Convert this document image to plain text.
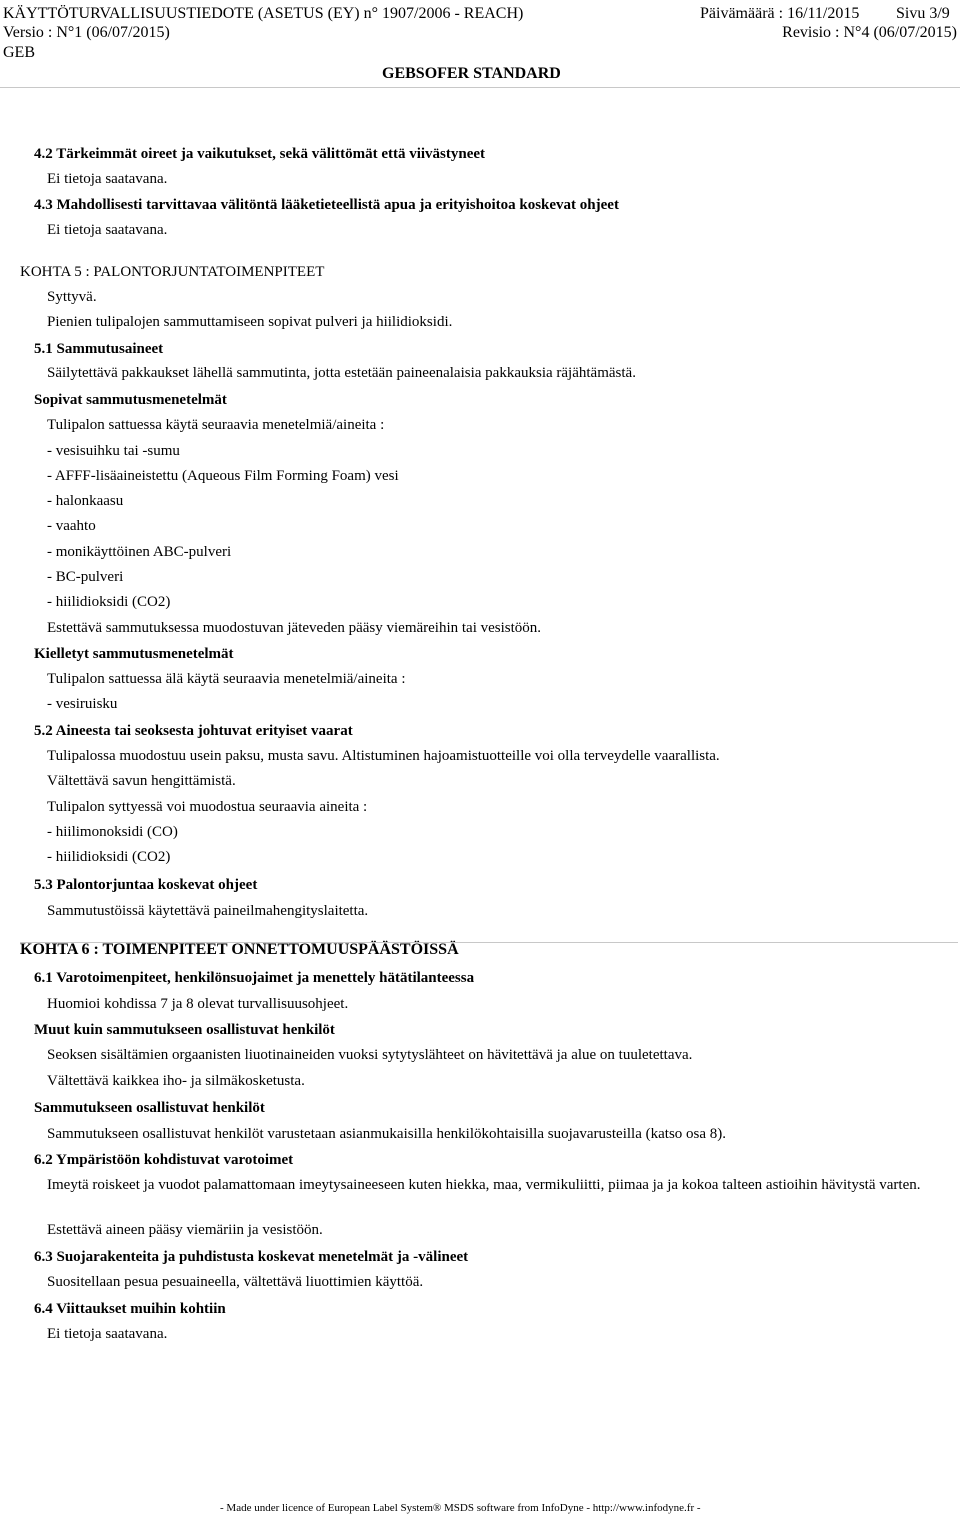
KÄYTTÖTURVALLISUUSTIEDOTE (ASETUS (EY) n° 1907/2006 - REACH)	Päivämäärä : 16/11/2015 Sivu 3/9
Versio : N°1 (06/07/2015)	Revisio : N°4 (06/07/2015)
GEB
GEBSOFER STANDARD
4.2 Tärkeimmät oireet ja vaikutukset, sekä välittömät että viivästyneet
Ei tietoja saatavana.
4.3 Mahdollisesti tarvittavaa välitöntä lääketieteellistä apua ja erityishoitoa koskevat ohjeet
Ei tietoja saatavana.
KOHTA 5 : PALONTORJUNTATOIMENPITEET
Syttyvä.
Pienien tulipalojen sammuttamiseen sopivat pulveri ja hiilidioksidi.
5.1 Sammutusaineet
Säilytettävä pakkaukset lähellä sammutinta, jotta estetään paineenalaisia pakkauksia räjähtämästä.
Sopivat sammutusmenetelmät
Tulipalon sattuessa käytä seuraavia menetelmiä/aineita :
- vesisuihku tai -sumu
- AFFF-lisäaineistettu (Aqueous Film Forming Foam) vesi
- halonkaasu
- vaahto
- monikäyttöinen ABC-pulveri
- BC-pulveri
- hiilidioksidi (CO2)
Estettävä sammutuksessa muodostuvan jäteveden pääsy viemäreihin tai vesistöön.
Kielletyt sammutusmenetelmät
Tulipalon sattuessa älä käytä seuraavia menetelmiä/aineita :
- vesiruisku
5.2 Aineesta tai seoksesta johtuvat erityiset vaarat
Tulipalossa muodostuu usein paksu, musta savu. Altistuminen hajoamistuotteille voi olla terveydelle vaarallista.
Vältettävä savun hengittämistä.
Tulipalon syttyessä voi muodostua seuraavia aineita :
- hiilimonoksidi (CO)
- hiilidioksidi (CO2)
5.3 Palontorjuntaa koskevat ohjeet
Sammutustöissä käytettävä paineilmahengityslaitetta.
KOHTA 6 : TOIMENPITEET ONNETTOMUUSPÄÄSTÖISSÄ
6.1 Varotoimenpiteet, henkilönsuojaimet ja menettely hätätilanteessa
Huomioi kohdissa 7 ja 8 olevat turvallisuusohjeet.
Muut kuin sammutukseen osallistuvat henkilöt
Seoksen sisältämien orgaanisten liuotinaineiden vuoksi sytytyslähteet on hävitettävä ja alue on tuuletettava.
Vältettävä kaikkea iho- ja silmäkosketusta.
Sammutukseen osallistuvat henkilöt
Sammutukseen osallistuvat henkilöt varustetaan asianmukaisilla henkilökohtaisilla suojavarusteilla (katso osa 8).
6.2 Ympäristöön kohdistuvat varotoimet
Imeytä roiskeet ja vuodot palamattomaan imeytysaineeseen kuten hiekka, maa, vermikuliitti, piimaa ja ja kokoa talteen astioihin hävitystä varten.
Estettävä aineen pääsy viemäriin ja vesistöön.
6.3 Suojarakenteita ja puhdistusta koskevat menetelmät ja -välineet
Suositellaan pesua pesuaineella, vältettävä liuottimien käyttöä.
6.4 Viittaukset muihin kohtiin
Ei tietoja saatavana.
- Made under licence of European Label System® MSDS software from InfoDyne - http://www.infodyne.fr -
